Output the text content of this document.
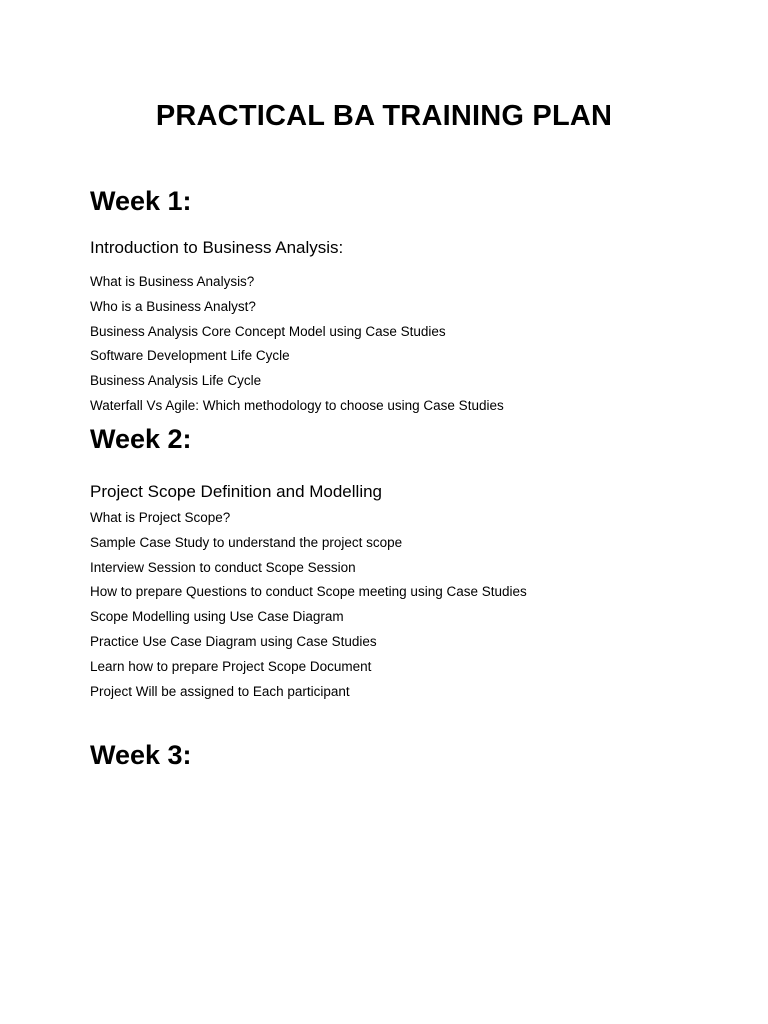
PRACTICAL BA TRAINING PLAN
Week 1:
Introduction to Business Analysis:
What is Business Analysis?
Who is a Business Analyst?
Business Analysis Core Concept Model using Case Studies
Software Development Life Cycle
Business Analysis Life Cycle
Waterfall Vs Agile: Which methodology to choose using Case Studies
Week 2:
Project Scope Definition and Modelling
What is Project Scope?
Sample Case Study to understand the project scope
Interview Session to conduct Scope Session
How to prepare Questions to conduct Scope meeting using Case Studies
Scope Modelling using Use Case Diagram
Practice Use Case Diagram using Case Studies
Learn how to prepare Project Scope Document
Project Will be assigned to Each participant
Week 3:
